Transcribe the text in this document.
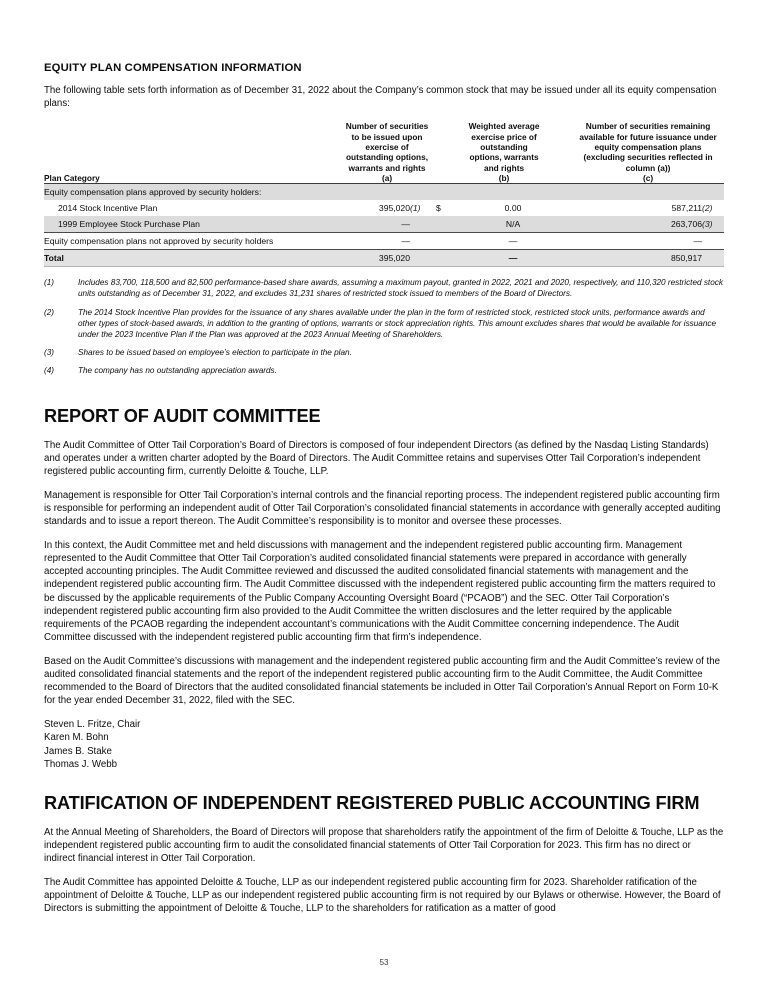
EQUITY PLAN COMPENSATION INFORMATION

The following table sets forth information as of December 31, 2022 about the Company’s common stock that may be issued under all its equity compensation plans:

Number of securities
to be issued upon
exercise of
outstanding options,
warrants and rights

Weighted average
exercise price of
outstanding
options, warrants
and rights

Number of securities remaining
available for future issuance under
equity compensation plans
(excluding securities reflected in
column (a))

Plan Category	(a)		(b)		(c)	
Equity compensation plans approved by security holders:						
2014 Stock Incentive Plan	395,020	(1)	$	0.00	587,211	(2)
1999 Employee Stock Purchase Plan	—			N/A	263,706	(3)
Equity compensation plans not approved by security holders	—			—	—	
Total	395,020			—	850,917	
(1)	Includes 83,700, 118,500 and 82,500 performance-based share awards, assuming a maximum payout, granted in 2022, 2021 and 2020, respectively, and 110,320 restricted stock units outstanding as of December 31, 2022, and excludes 31,231 shares of restricted stock issued to members of the Board of Directors.
(2)	The 2014 Stock Incentive Plan provides for the issuance of any shares available under the plan in the form of restricted stock, restricted stock units, performance awards and other types of stock-based awards, in addition to the granting of options, warrants or stock appreciation rights. This amount excludes shares that would be available for issuance under the 2023 Incentive Plan if the Plan was approved at the 2023 Annual Meeting of Shareholders.
(3)	Shares to be issued based on employee’s election to participate in the plan.
(4)	The company has no outstanding appreciation awards.
REPORT OF AUDIT COMMITTEE

The Audit Committee of Otter Tail Corporation’s Board of Directors is composed of four independent Directors (as defined by the Nasdaq Listing Standards) and operates under a written charter adopted by the Board of Directors. The Audit Committee retains and supervises Otter Tail Corporation’s independent registered public accounting firm, currently Deloitte & Touche, LLP.

Management is responsible for Otter Tail Corporation’s internal controls and the financial reporting process. The independent registered public accounting firm is responsible for performing an independent audit of Otter Tail Corporation’s consolidated financial statements in accordance with generally accepted auditing standards and to issue a report thereon. The Audit Committee’s responsibility is to monitor and oversee these processes.

In this context, the Audit Committee met and held discussions with management and the independent registered public accounting firm. Management represented to the Audit Committee that Otter Tail Corporation’s audited consolidated financial statements were prepared in accordance with generally accepted accounting principles. The Audit Committee reviewed and discussed the audited consolidated financial statements with management and the independent registered public accounting firm. The Audit Committee discussed with the independent registered public accounting firm the matters required to be discussed by the applicable requirements of the Public Company Accounting Oversight Board (“PCAOB”) and the SEC. Otter Tail Corporation’s independent registered public accounting firm also provided to the Audit Committee the written disclosures and the letter required by the applicable requirements of the PCAOB regarding the independent accountant’s communications with the Audit Committee concerning independence. The Audit Committee discussed with the independent registered public accounting firm that firm’s independence.

Based on the Audit Committee’s discussions with management and the independent registered public accounting firm and the Audit Committee’s review of the audited consolidated financial statements and the report of the independent registered public accounting firm to the Audit Committee, the Audit Committee recommended to the Board of Directors that the audited consolidated financial statements be included in Otter Tail Corporation’s Annual Report on Form 10-K for the year ended December 31, 2022, filed with the SEC.

Steven L. Fritze, Chair

Karen M. Bohn

James B. Stake

Thomas J. Webb

RATIFICATION OF INDEPENDENT REGISTERED PUBLIC ACCOUNTING FIRM

At the Annual Meeting of Shareholders, the Board of Directors will propose that shareholders ratify the appointment of the firm of Deloitte & Touche, LLP as the independent registered public accounting firm to audit the consolidated financial statements of Otter Tail Corporation for 2023. This firm has no direct or indirect financial interest in Otter Tail Corporation.

The Audit Committee has appointed Deloitte & Touche, LLP as our independent registered public accounting firm for 2023. Shareholder ratification of the appointment of Deloitte & Touche, LLP as our independent registered public accounting firm is not required by our Bylaws or otherwise. However, the Board of Directors is submitting the appointment of Deloitte & Touche, LLP to the shareholders for ratification as a matter of good

53
